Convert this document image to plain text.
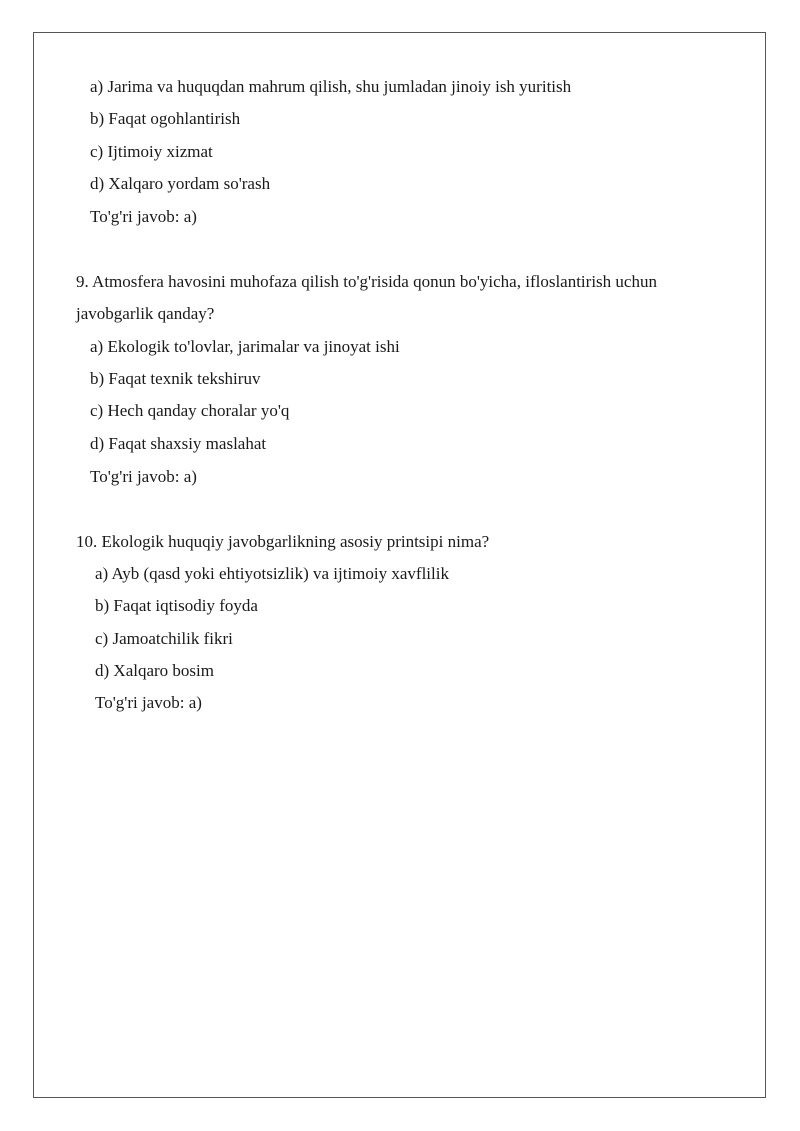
a) Jarima va huquqdan mahrum qilish, shu jumladan jinoiy ish yuritish
b) Faqat ogohlantirish
c) Ijtimoiy xizmat
d) Xalqaro yordam so'rash
To'g'ri javob: a)
9. Atmosfera havosini muhofaza qilish to'g'risida qonun bo'yicha, ifloslantirish uchun
javobgarlik qanday?
a) Ekologik to'lovlar, jarimalar va jinoyat ishi
b) Faqat texnik tekshiruv
c) Hech qanday choralar yo'q
d) Faqat shaxsiy maslahat
To'g'ri javob: a)
10. Ekologik huquqiy javobgarlikning asosiy printsipi nima?
a) Ayb (qasd yoki ehtiyotsizlik) va ijtimoiy xavflilik
b) Faqat iqtisodiy foyda
c) Jamoatchilik fikri
d) Xalqaro bosim
To'g'ri javob: a)
